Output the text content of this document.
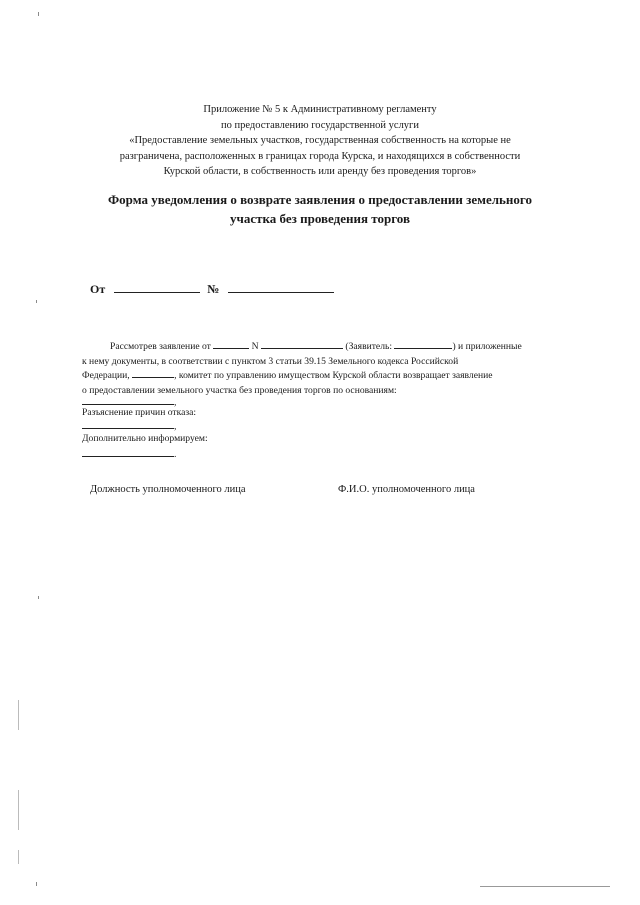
Приложение № 5 к Административному регламенту
по предоставлению государственной услуги
«Предоставление земельных участков, государственная собственность на которые не
разграничена, расположенных в границах города Курска, и находящихся в собственности
Курской области, в собственность или аренду без проведения торгов»
Форма уведомления о возврате заявления о предоставлении земельного
участка без проведения торгов
От	№
Рассмотрев заявление от	N	(Заявитель:	) и приложенные
к нему документы, в соответствии с пунктом 3 статьи 39.15 Земельного кодекса Российской
Федерации,	, комитет по управлению имуществом Курской области возвращает заявление
о предоставлении земельного участка без проведения торгов по основаниям:
,
Разъяснение причин отказа:
,
Дополнительно информируем:
.
Должность уполномоченного лица	Ф.И.О. уполномоченного лица
